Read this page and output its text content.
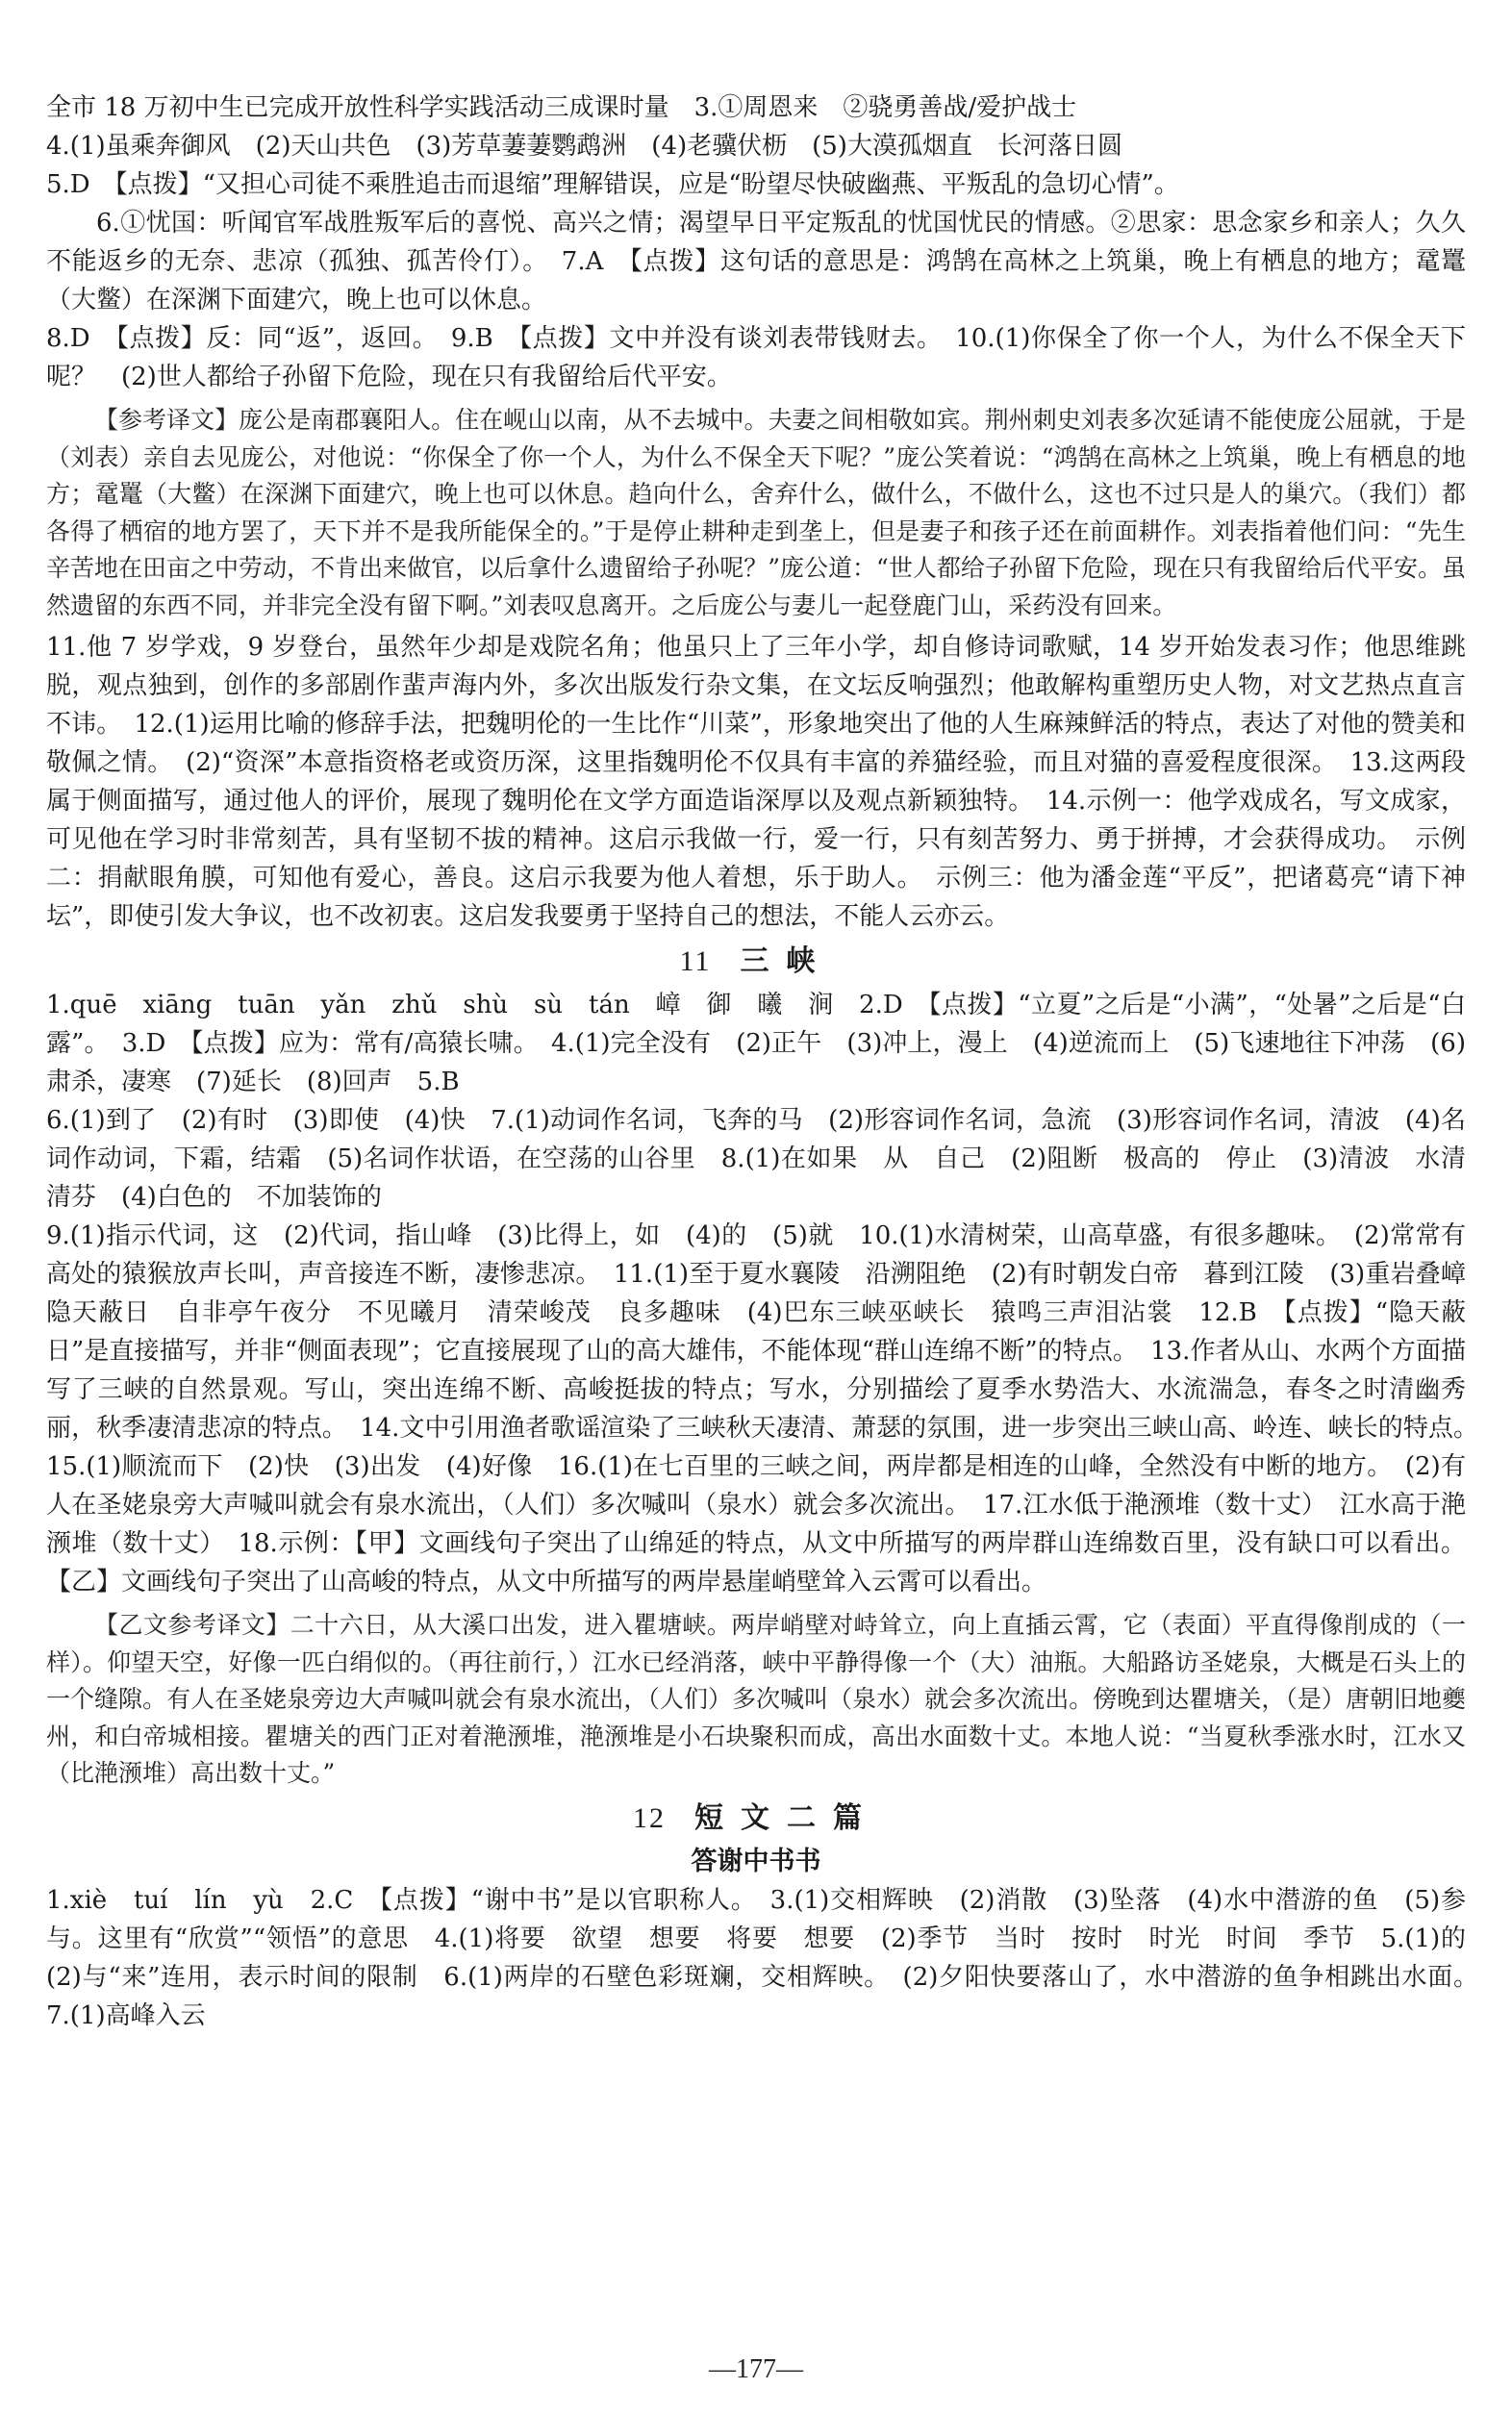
全市 18 万初中生已完成开放性科学实践活动三成课时量　3.①周恩来　②骁勇善战/爱护战士

4.(1)虽乘奔御风　(2)天山共色　(3)芳草萋萋鹦鹉洲　(4)老骥伏枥　(5)大漠孤烟直　长河落日圆

5.D　【点拨】“又担心司徒不乘胜追击而退缩”理解错误，应是“盼望尽快破幽燕、平叛乱的急切心情”。

6.①忧国：听闻官军战胜叛军后的喜悦、高兴之情；渴望早日平定叛乱的忧国忧民的情感。②思家：思念家乡和亲人；久久不能返乡的无奈、悲凉（孤独、孤苦伶仃）。　7.A　【点拨】这句话的意思是：鸿鹄在高林之上筑巢，晚上有栖息的地方；鼋鼍（大鳖）在深渊下面建穴，晚上也可以休息。

8.D　【点拨】反：同“返”，返回。　9.B　【点拨】文中并没有谈刘表带钱财去。　10.(1)你保全了你一个人，为什么不保全天下呢？　(2)世人都给子孙留下危险，现在只有我留给后代平安。

【参考译文】庞公是南郡襄阳人。住在岘山以南，从不去城中。夫妻之间相敬如宾。荆州刺史刘表多次延请不能使庞公屈就，于是（刘表）亲自去见庞公，对他说：“你保全了你一个人，为什么不保全天下呢？”庞公笑着说：“鸿鹄在高林之上筑巢，晚上有栖息的地方；鼋鼍（大鳖）在深渊下面建穴，晚上也可以休息。趋向什么，舍弃什么，做什么，不做什么，这也不过只是人的巢穴。（我们）都各得了栖宿的地方罢了，天下并不是我所能保全的。”于是停止耕种走到垄上，但是妻子和孩子还在前面耕作。刘表指着他们问：“先生辛苦地在田亩之中劳动，不肯出来做官，以后拿什么遗留给子孙呢？”庞公道：“世人都给子孙留下危险，现在只有我留给后代平安。虽然遗留的东西不同，并非完全没有留下啊。”刘表叹息离开。之后庞公与妻儿一起登鹿门山，采药没有回来。

11.他 7 岁学戏，9 岁登台，虽然年少却是戏院名角；他虽只上了三年小学，却自修诗词歌赋，14 岁开始发表习作；他思维跳脱，观点独到，创作的多部剧作蜚声海内外，多次出版发行杂文集，在文坛反响强烈；他敢解构重塑历史人物，对文艺热点直言不讳。　12.(1)运用比喻的修辞手法，把魏明伦的一生比作“川菜”，形象地突出了他的人生麻辣鲜活的特点，表达了对他的赞美和敬佩之情。　(2)“资深”本意指资格老或资历深，这里指魏明伦不仅具有丰富的养猫经验，而且对猫的喜爱程度很深。　13.这两段属于侧面描写，通过他人的评价，展现了魏明伦在文学方面造诣深厚以及观点新颖独特。　14.示例一：他学戏成名，写文成家，可见他在学习时非常刻苦，具有坚韧不拔的精神。这启示我做一行，爱一行，只有刻苦努力、勇于拼搏，才会获得成功。　示例二：捐献眼角膜，可知他有爱心，善良。这启示我要为他人着想，乐于助人。　示例三：他为潘金莲“平反”，把诸葛亮“请下神坛”，即使引发大争议，也不改初衷。这启发我要勇于坚持自己的想法，不能人云亦云。

11 三峡

1.quē　xiāng　tuān　yǎn　zhǔ　shù　sù　tán　嶂　御　曦　涧　2.D　【点拨】“立夏”之后是“小满”，“处暑”之后是“白露”。　3.D　【点拨】应为：常有/高猿长啸。　4.(1)完全没有　(2)正午　(3)冲上，漫上　(4)逆流而上　(5)飞速地往下冲荡　(6)肃杀，凄寒　(7)延长　(8)回声　5.B

6.(1)到了　(2)有时　(3)即使　(4)快　7.(1)动词作名词，飞奔的马　(2)形容词作名词，急流　(3)形容词作名词，清波　(4)名词作动词，下霜，结霜　(5)名词作状语，在空荡的山谷里　8.(1)在如果　从　自己　(2)阻断　极高的　停止　(3)清波　水清　清芬　(4)白色的　不加装饰的

9.(1)指示代词，这　(2)代词，指山峰　(3)比得上，如　(4)的　(5)就　10.(1)水清树荣，山高草盛，有很多趣味。　(2)常常有高处的猿猴放声长叫，声音接连不断，凄惨悲凉。　11.(1)至于夏水襄陵　沿溯阻绝　(2)有时朝发白帝　暮到江陵　(3)重岩叠嶂　隐天蔽日　自非亭午夜分　不见曦月　清荣峻茂　良多趣味　(4)巴东三峡巫峡长　猿鸣三声泪沾裳　12.B　【点拨】“隐天蔽日”是直接描写，并非“侧面表现”；它直接展现了山的高大雄伟，不能体现“群山连绵不断”的特点。　13.作者从山、水两个方面描写了三峡的自然景观。写山，突出连绵不断、高峻挺拔的特点；写水，分别描绘了夏季水势浩大、水流湍急，春冬之时清幽秀丽，秋季凄清悲凉的特点。　14.文中引用渔者歌谣渲染了三峡秋天凄清、萧瑟的氛围，进一步突出三峡山高、岭连、峡长的特点。　15.(1)顺流而下　(2)快　(3)出发　(4)好像　16.(1)在七百里的三峡之间，两岸都是相连的山峰，全然没有中断的地方。　(2)有人在圣姥泉旁大声喊叫就会有泉水流出，（人们）多次喊叫（泉水）就会多次流出。　17.江水低于滟滪堆（数十丈）　江水高于滟滪堆（数十丈）　18.示例：【甲】文画线句子突出了山绵延的特点，从文中所描写的两岸群山连绵数百里，没有缺口可以看出。【乙】文画线句子突出了山高峻的特点，从文中所描写的两岸悬崖峭壁耸入云霄可以看出。

【乙文参考译文】二十六日，从大溪口出发，进入瞿塘峡。两岸峭壁对峙耸立，向上直插云霄，它（表面）平直得像削成的（一样）。仰望天空，好像一匹白绢似的。（再往前行，）江水已经消落，峡中平静得像一个（大）油瓶。大船路访圣姥泉，大概是石头上的一个缝隙。有人在圣姥泉旁边大声喊叫就会有泉水流出，（人们）多次喊叫（泉水）就会多次流出。傍晚到达瞿塘关，（是）唐朝旧地夔州，和白帝城相接。瞿塘关的西门正对着滟滪堆，滟滪堆是小石块聚积而成，高出水面数十丈。本地人说：“当夏秋季涨水时，江水又（比滟滪堆）高出数十丈。”

12 短文二篇
答谢中书书

1.xiè　tuí　lín　yù　2.C　【点拨】“谢中书”是以官职称人。　3.(1)交相辉映　(2)消散　(3)坠落　(4)水中潜游的鱼　(5)参与。这里有“欣赏”“领悟”的意思　4.(1)将要　欲望　想要　将要　想要　(2)季节　当时　按时　时光　时间　季节　5.(1)的　(2)与“来”连用，表示时间的限制　6.(1)两岸的石壁色彩斑斓，交相辉映。　(2)夕阳快要落山了，水中潜游的鱼争相跳出水面。　7.(1)高峰入云

—177—
